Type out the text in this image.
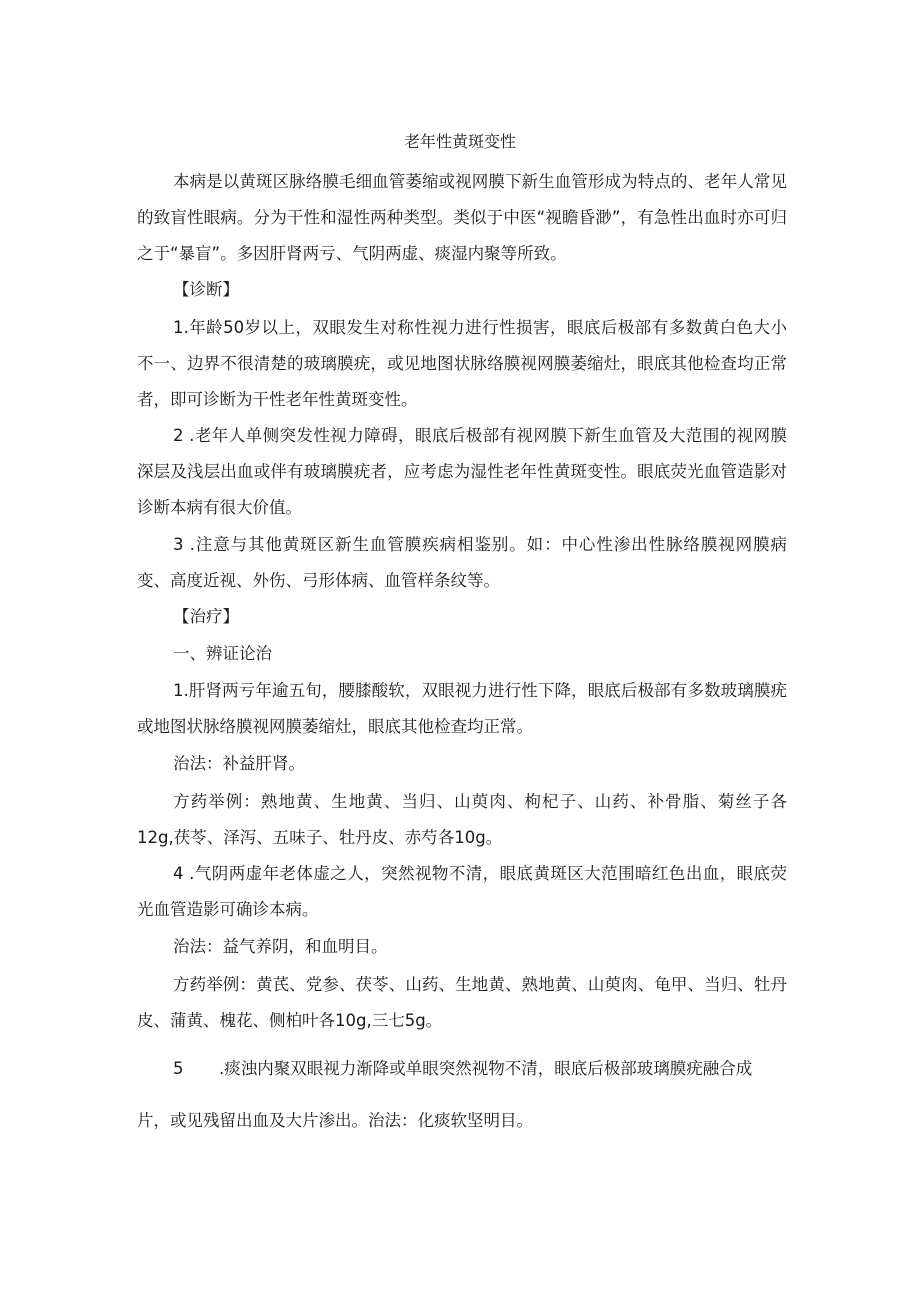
老年性黄斑变性

本病是以黄斑区脉络膜毛细血管萎缩或视网膜下新生血管形成为特点的、老年人常见的致盲性眼病。分为干性和湿性两种类型。类似于中医“视瞻昏渺”，有急性出血时亦可归之于“暴盲”。多因肝肾两亏、气阴两虚、痰湿内聚等所致。

【诊断】

1.年龄50岁以上，双眼发生对称性视力进行性损害，眼底后极部有多数黄白色大小不一、边界不很清楚的玻璃膜疣，或见地图状脉络膜视网膜萎缩灶，眼底其他检查均正常者，即可诊断为干性老年性黄斑变性。

2 .老年人单侧突发性视力障碍，眼底后极部有视网膜下新生血管及大范围的视网膜深层及浅层出血或伴有玻璃膜疣者，应考虑为湿性老年性黄斑变性。眼底荧光血管造影对诊断本病有很大价值。

3 .注意与其他黄斑区新生血管膜疾病相鉴别。如：中心性渗出性脉络膜视网膜病变、高度近视、外伤、弓形体病、血管样条纹等。

【治疗】

一、辨证论治

1.肝肾两亏年逾五旬，腰膝酸软，双眼视力进行性下降，眼底后极部有多数玻璃膜疣或地图状脉络膜视网膜萎缩灶，眼底其他检查均正常。

治法：补益肝肾。

方药举例：熟地黄、生地黄、当归、山萸肉、枸杞子、山药、补骨脂、菊丝子各12g,茯苓、泽泻、五味子、牡丹皮、赤芍各10g。

4 .气阴两虚年老体虚之人，突然视物不清，眼底黄斑区大范围暗红色出血，眼底荧光血管造影可确诊本病。

治法：益气养阴，和血明目。

方药举例：黄芪、党参、茯苓、山药、生地黄、熟地黄、山萸肉、龟甲、当归、牡丹皮、蒲黄、槐花、侧柏叶各10g,三七5g。

5 .痰浊内聚双眼视力渐降或单眼突然视物不清，眼底后极部玻璃膜疣融合成
片，或见残留出血及大片渗出。治法：化痰软坚明目。
